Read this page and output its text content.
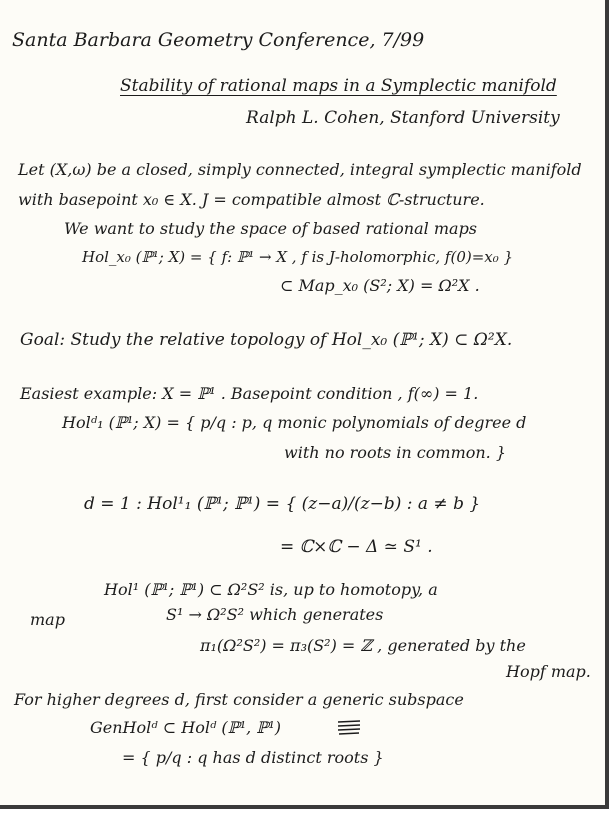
Santa Barbara Geometry Conference, 7/99
Stability of rational maps in a Symplectic manifold
Ralph L. Cohen, Stanford University
Let (X,ω) be a closed, simply connected, integral symplectic manifold
with basepoint x₀ ∈ X. J = compatible almost ℂ-structure.
We want to study the space of based rational maps
Hol_x₀ (ℙ¹; X) = { f: ℙ¹ → X , f is J-holomorphic, f(0)=x₀ }
⊂ Map_x₀ (S²; X) = Ω²X .
Goal: Study the relative topology of Hol_x₀ (ℙ¹; X) ⊂ Ω²X.
Easiest example: X = ℙ¹ . Basepoint condition , f(∞) = 1.
Holᵈ₁ (ℙ¹; X) = { p/q : p, q monic polynomials of degree d
with no roots in common. }
d = 1 : Hol¹₁ (ℙ¹; ℙ¹) = { (z−a)/(z−b) : a ≠ b }
= ℂ×ℂ − Δ ≃ S¹ .
Hol¹ (ℙ¹; ℙ¹) ⊂ Ω²S² is, up to homotopy, a
map	S¹ → Ω²S² which generates
π₁(Ω²S²) = π₃(S²) = ℤ , generated by the
Hopf map.
For higher degrees d, first consider a generic subspace
GenHolᵈ ⊂ Holᵈ (ℙ¹, ℙ¹)
= { p/q : q has d distinct roots }
